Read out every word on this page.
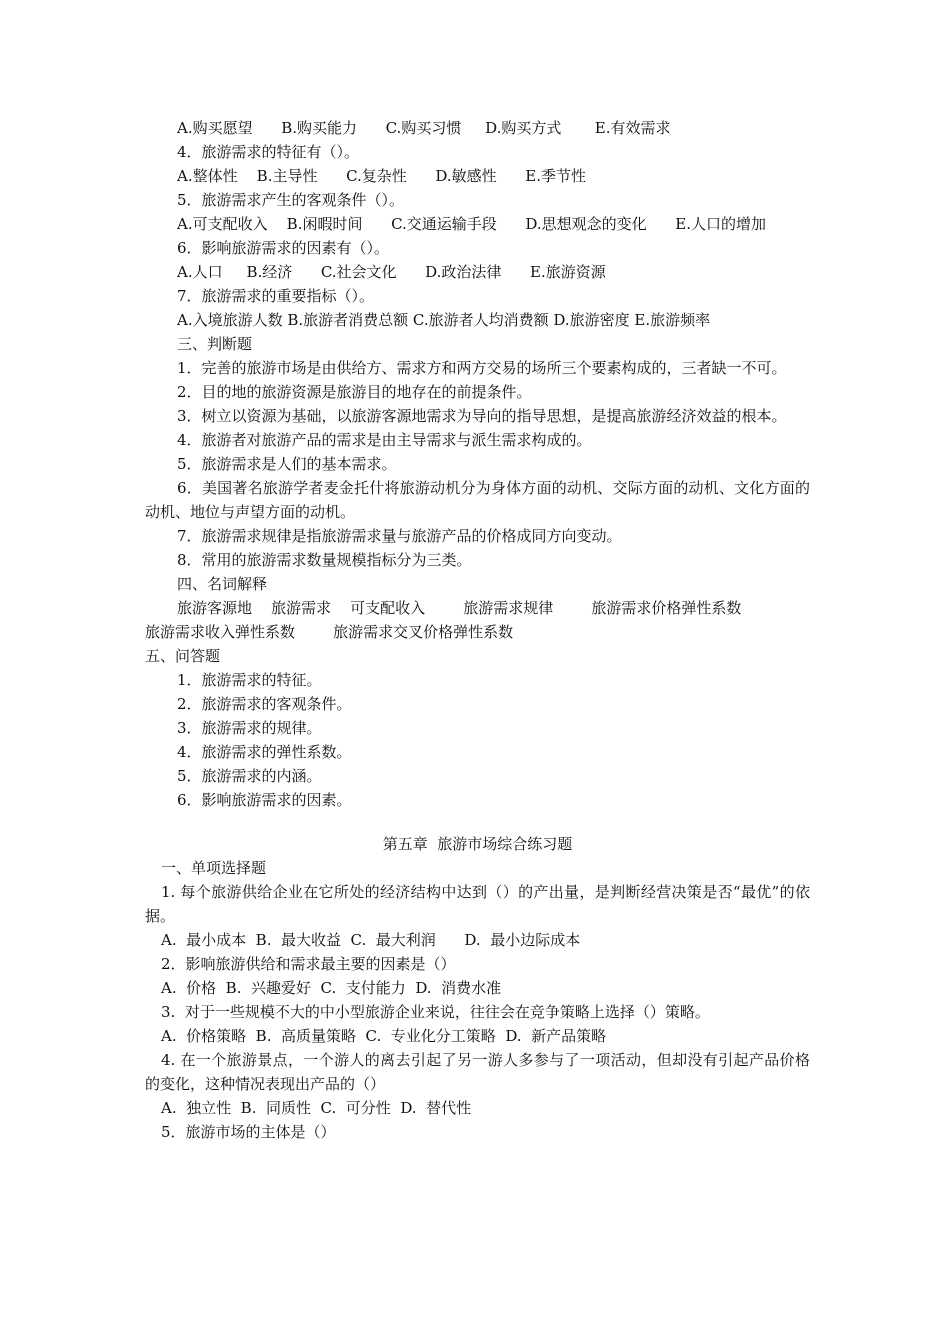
A.购买愿望      B.购买能力      C.购买习惯     D.购买方式       E.有效需求
4．旅游需求的特征有（）。
A.整体性    B.主导性      C.复杂性      D.敏感性      E.季节性
5．旅游需求产生的客观条件（）。
A.可支配收入    B.闲暇时间      C.交通运输手段      D.思想观念的变化      E.人口的增加
6．影响旅游需求的因素有（）。
A.人口     B.经济      C.社会文化      D.政治法律      E.旅游资源
7．旅游需求的重要指标（）。
A.入境旅游人数 B.旅游者消费总额 C.旅游者人均消费额 D.旅游密度 E.旅游频率
三、判断题
1．完善的旅游市场是由供给方、需求方和两方交易的场所三个要素构成的，三者缺一不可。
2．目的地的旅游资源是旅游目的地存在的前提条件。
3．树立以资源为基础，以旅游客源地需求为导向的指导思想，是提高旅游经济效益的根本。
4．旅游者对旅游产品的需求是由主导需求与派生需求构成的。
5．旅游需求是人们的基本需求。
6．美国著名旅游学者麦金托什将旅游动机分为身体方面的动机、交际方面的动机、文化方面的动机、地位与声望方面的动机。
7．旅游需求规律是指旅游需求量与旅游产品的价格成同方向变动。
8．常用的旅游需求数量规模指标分为三类。
四、名词解释
旅游客源地    旅游需求    可支配收入        旅游需求规律        旅游需求价格弹性系数
旅游需求收入弹性系数        旅游需求交叉价格弹性系数
五、问答题
1．旅游需求的特征。
2．旅游需求的客观条件。
3．旅游需求的规律。
4．旅游需求的弹性系数。
5．旅游需求的内涵。
6．影响旅游需求的因素。
第五章  旅游市场综合练习题
一、单项选择题
1. 每个旅游供给企业在它所处的经济结构中达到（）的产出量，是判断经营决策是否“最优”的依据。
A.  最小成本  B.  最大收益  C.  最大利润      D.  最小边际成本
2．影响旅游供给和需求最主要的因素是（）
A.  价格  B.  兴趣爱好  C.  支付能力  D.  消费水准
3.  对于一些规模不大的中小型旅游企业来说，往往会在竞争策略上选择（）策略。
A.  价格策略  B.  高质量策略  C.  专业化分工策略  D.  新产品策略
4. 在一个旅游景点，一个游人的离去引起了另一游人多参与了一项活动，但却没有引起产品价格的变化，这种情况表现出产品的（）
A.  独立性  B.  同质性  C.  可分性  D.  替代性
5．旅游市场的主体是（）
